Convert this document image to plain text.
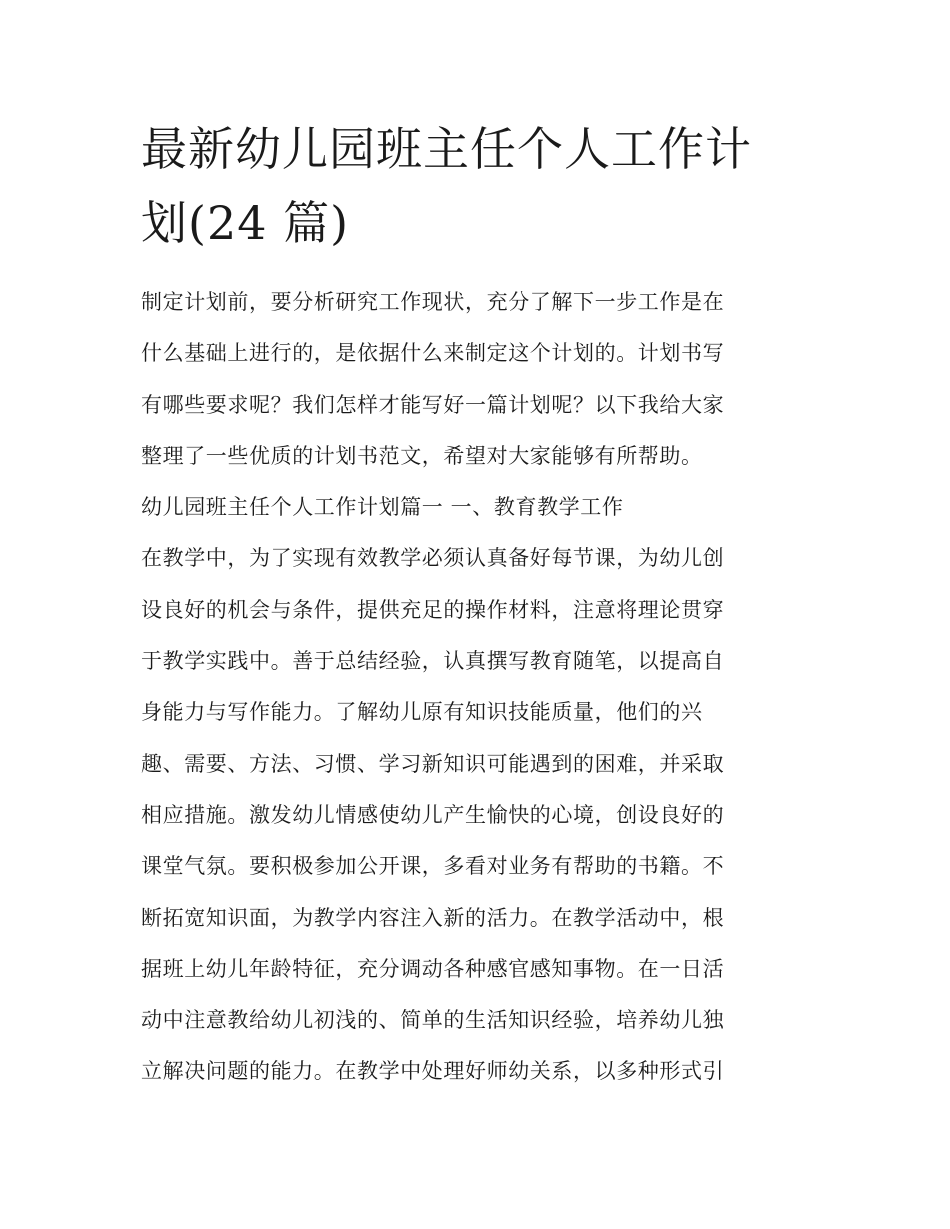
最新幼儿园班主任个人工作计
划(24 篇)
制定计划前，要分析研究工作现状，充分了解下一步工作是在
什么基础上进行的，是依据什么来制定这个计划的。计划书写
有哪些要求呢？我们怎样才能写好一篇计划呢？以下我给大家
整理了一些优质的计划书范文，希望对大家能够有所帮助。
幼儿园班主任个人工作计划篇一 一、教育教学工作
在教学中，为了实现有效教学必须认真备好每节课，为幼儿创
设良好的机会与条件，提供充足的操作材料，注意将理论贯穿
于教学实践中。善于总结经验，认真撰写教育随笔，以提高自
身能力与写作能力。了解幼儿原有知识技能质量，他们的兴
趣、需要、方法、习惯、学习新知识可能遇到的困难，并采取
相应措施。激发幼儿情感使幼儿产生愉快的心境，创设良好的
课堂气氛。要积极参加公开课，多看对业务有帮助的书籍。不
断拓宽知识面，为教学内容注入新的活力。在教学活动中，根
据班上幼儿年龄特征，充分调动各种感官感知事物。在一日活
动中注意教给幼儿初浅的、简单的生活知识经验，培养幼儿独
立解决问题的能力。在教学中处理好师幼关系，以多种形式引
